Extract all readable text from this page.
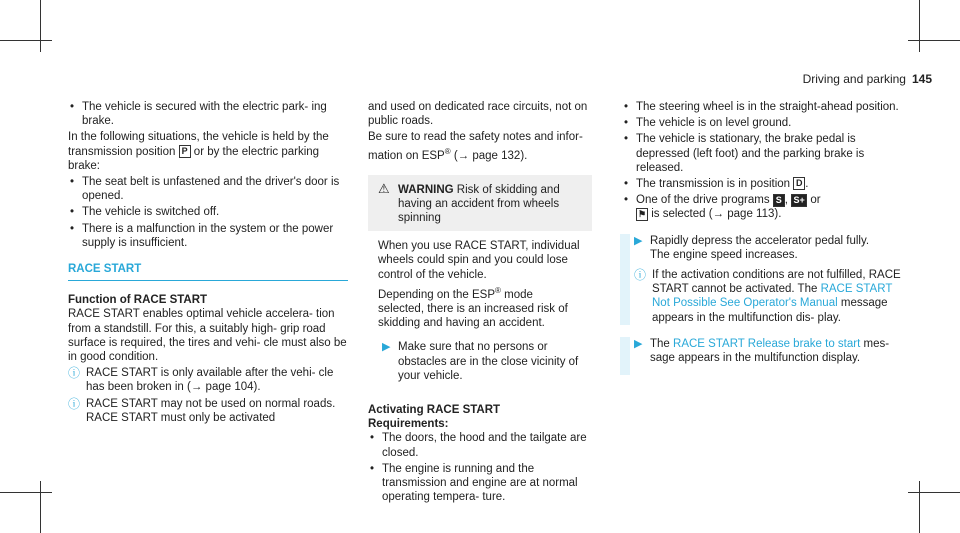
Driving and parking 145
• The vehicle is secured with the electric park- ing brake.

In the following situations, the vehicle is held by the transmission position P or by the electric parking brake:

• The seat belt is unfastened and the driver's door is opened.
• The vehicle is switched off.
• There is a malfunction in the system or the power supply is insufficient.
RACE START
Function of RACE START

RACE START enables optimal vehicle accelera- tion from a standstill. For this, a suitably high- grip road surface is required, the tires and vehi- cle must also be in good condition.

ⓘ RACE START is only available after the vehi- cle has been broken in (→ page 104).
ⓘ RACE START may not be used on normal roads. RACE START must only be activated

and used on dedicated race circuits, not on public roads.

Be sure to read the safety notes and infor- mation on ESP® (→ page 132).

⚠ WARNING Risk of skidding and having an accident from wheels spinning

When you use RACE START, individual wheels could spin and you could lose control of the vehicle.

Depending on the ESP® mode selected, there is an increased risk of skidding and having an accident.

▶ Make sure that no persons or obstacles are in the close vicinity of your vehicle.
Activating RACE START
Requirements:
• The doors, the hood and the tailgate are closed.
• The engine is running and the transmission and engine are at normal operating tempera- ture.
• The steering wheel is in the straight-ahead position.
• The vehicle is on level ground.
• The vehicle is stationary, the brake pedal is depressed (left foot) and the parking brake is released.
• The transmission is in position D .
• One of the drive programs S , S+ or
⚑ is selected (→ page 113).
▶ Rapidly depress the accelerator pedal fully.
The engine speed increases.
ⓘ If the activation conditions are not fulfilled, RACE START cannot be activated. The RACE START Not Possible See Operator's Manual message appears in the multifunction dis- play.
▶ The RACE START Release brake to start mes- sage appears in the multifunction display.
